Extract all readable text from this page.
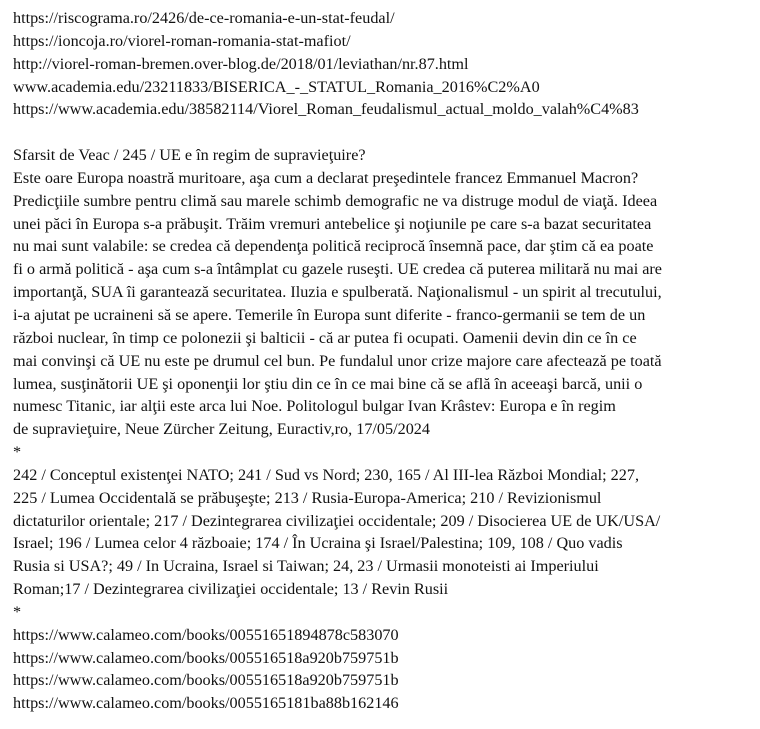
https://riscograma.ro/2426/de-ce-romania-e-un-stat-feudal/
https://ioncoja.ro/viorel-roman-romania-stat-mafiot/
http://viorel-roman-bremen.over-blog.de/2018/01/leviathan/nr.87.html
www.academia.edu/23211833/BISERICA_-_STATUL_Romania_2016%C2%A0
https://www.academia.edu/38582114/Viorel_Roman_feudalismul_actual_moldo_valah%C4%83
Sfarsit de Veac / 245 / UE e în regim de supravieţuire?
Este oare Europa noastră muritoare, aşa cum a declarat preşedintele francez Emmanuel Macron?
Predicţiile sumbre pentru climă sau marele schimb demografic ne va distruge modul de viaţă. Ideea
unei păci în Europa s-a prăbuşit. Trăim vremuri antebelice şi noţiunile pe care s-a bazat securitatea
nu mai sunt valabile: se credea că dependenţa politică reciprocă însemnă pace, dar ştim că ea poate
fi o armă politică - aşa cum s-a întâmplat cu gazele ruseşti. UE credea că puterea militară nu mai are
importanţă, SUA îi garantează securitatea. Iluzia e spulberată. Naţionalismul - un spirit al trecutului,
i-a ajutat pe ucraineni să se apere. Temerile în Europa sunt diferite - franco-germanii se tem de un
război nuclear, în timp ce polonezii şi balticii - că ar putea fi ocupati. Oamenii devin din ce în ce
mai convinşi că UE nu este pe drumul cel bun. Pe fundalul unor crize majore care afectează pe toată
lumea, susţinătorii UE şi oponenţii lor ştiu din ce în ce mai bine că se află în aceeaşi barcă, unii o
numesc Titanic, iar alţii este arca lui Noe. Politologul bulgar Ivan Krâstev: Europa e în regim
de supravieţuire, Neue Zürcher Zeitung, Euractiv,ro, 17/05/2024
*
242 / Conceptul existenţei NATO; 241 / Sud vs Nord; 230, 165 / Al III-lea Război Mondial; 227,
225 / Lumea Occidentală se prăbuşeşte; 213 / Rusia-Europa-America; 210 / Revizionismul
dictaturilor orientale; 217 / Dezintegrarea civilizaţiei occidentale; 209 / Disocierea UE de UK/USA/
Israel; 196 / Lumea celor 4 războaie; 174 / În Ucraina şi Israel/Palestina; 109, 108 / Quo vadis
Rusia si USA?; 49 / In Ucraina, Israel si Taiwan; 24, 23 / Urmasii monoteisti ai Imperiului
Roman;17 / Dezintegrarea civilizaţiei occidentale; 13 / Revin Rusii
*
https://www.calameo.com/books/00551651894878c583070
https://www.calameo.com/books/005516518a920b759751b
https://www.calameo.com/books/005516518a920b759751b
https://www.calameo.com/books/0055165181ba88b162146
